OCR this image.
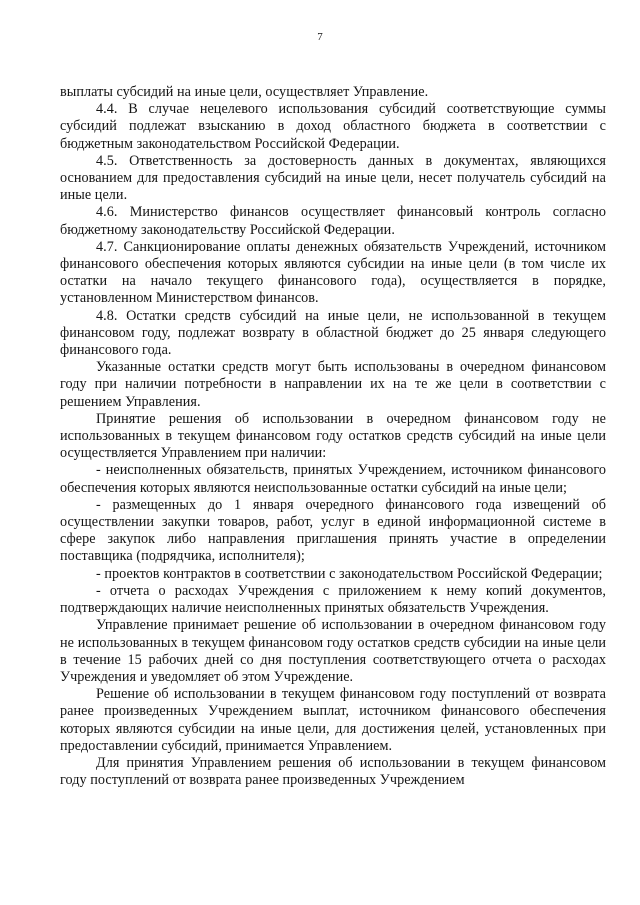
7

выплаты субсидий на иные цели, осуществляет Управление.

4.4. В случае нецелевого использования субсидий соответствующие суммы субсидий подлежат взысканию в доход областного бюджета в соответствии с бюджетным законодательством Российской Федерации.

4.5. Ответственность за достоверность данных в документах, являющихся основанием для предоставления субсидий на иные цели, несет получатель субсидий на иные цели.

4.6. Министерство финансов осуществляет финансовый контроль согласно бюджетному законодательству Российской Федерации.

4.7. Санкционирование оплаты денежных обязательств Учреждений, источником финансового обеспечения которых являются субсидии на иные цели (в том числе их остатки на начало текущего финансового года), осуществляется в порядке, установленном Министерством финансов.

4.8. Остатки средств субсидий на иные цели, не использованной в текущем финансовом году, подлежат возврату в областной бюджет до 25 января следующего финансового года.

Указанные остатки средств могут быть использованы в очередном финансовом году при наличии потребности в направлении их на те же цели в соответствии с решением Управления.

Принятие решения об использовании в очередном финансовом году не использованных в текущем финансовом году остатков средств субсидий на иные цели осуществляется Управлением при наличии:

- неисполненных обязательств, принятых Учреждением, источником финансового обеспечения которых являются неиспользованные остатки субсидий на иные цели;

- размещенных до 1 января очередного финансового года извещений об осуществлении закупки товаров, работ, услуг в единой информационной системе в сфере закупок либо направления приглашения принять участие в определении поставщика (подрядчика, исполнителя);

- проектов контрактов в соответствии с законодательством Российской Федерации;

- отчета о расходах Учреждения с приложением к нему копий документов, подтверждающих наличие неисполненных принятых обязательств Учреждения.

Управление принимает решение об использовании в очередном финансовом году не использованных в текущем финансовом году остатков средств субсидии на иные цели в течение 15 рабочих дней со дня поступления соответствующего отчета о расходах Учреждения и уведомляет об этом Учреждение.

Решение об использовании в текущем финансовом году поступлений от возврата ранее произведенных Учреждением выплат, источником финансового обеспечения которых являются субсидии на иные цели, для достижения целей, установленных при предоставлении субсидий, принимается Управлением.

Для принятия Управлением решения об использовании в текущем финансовом году поступлений от возврата ранее произведенных Учреждением
